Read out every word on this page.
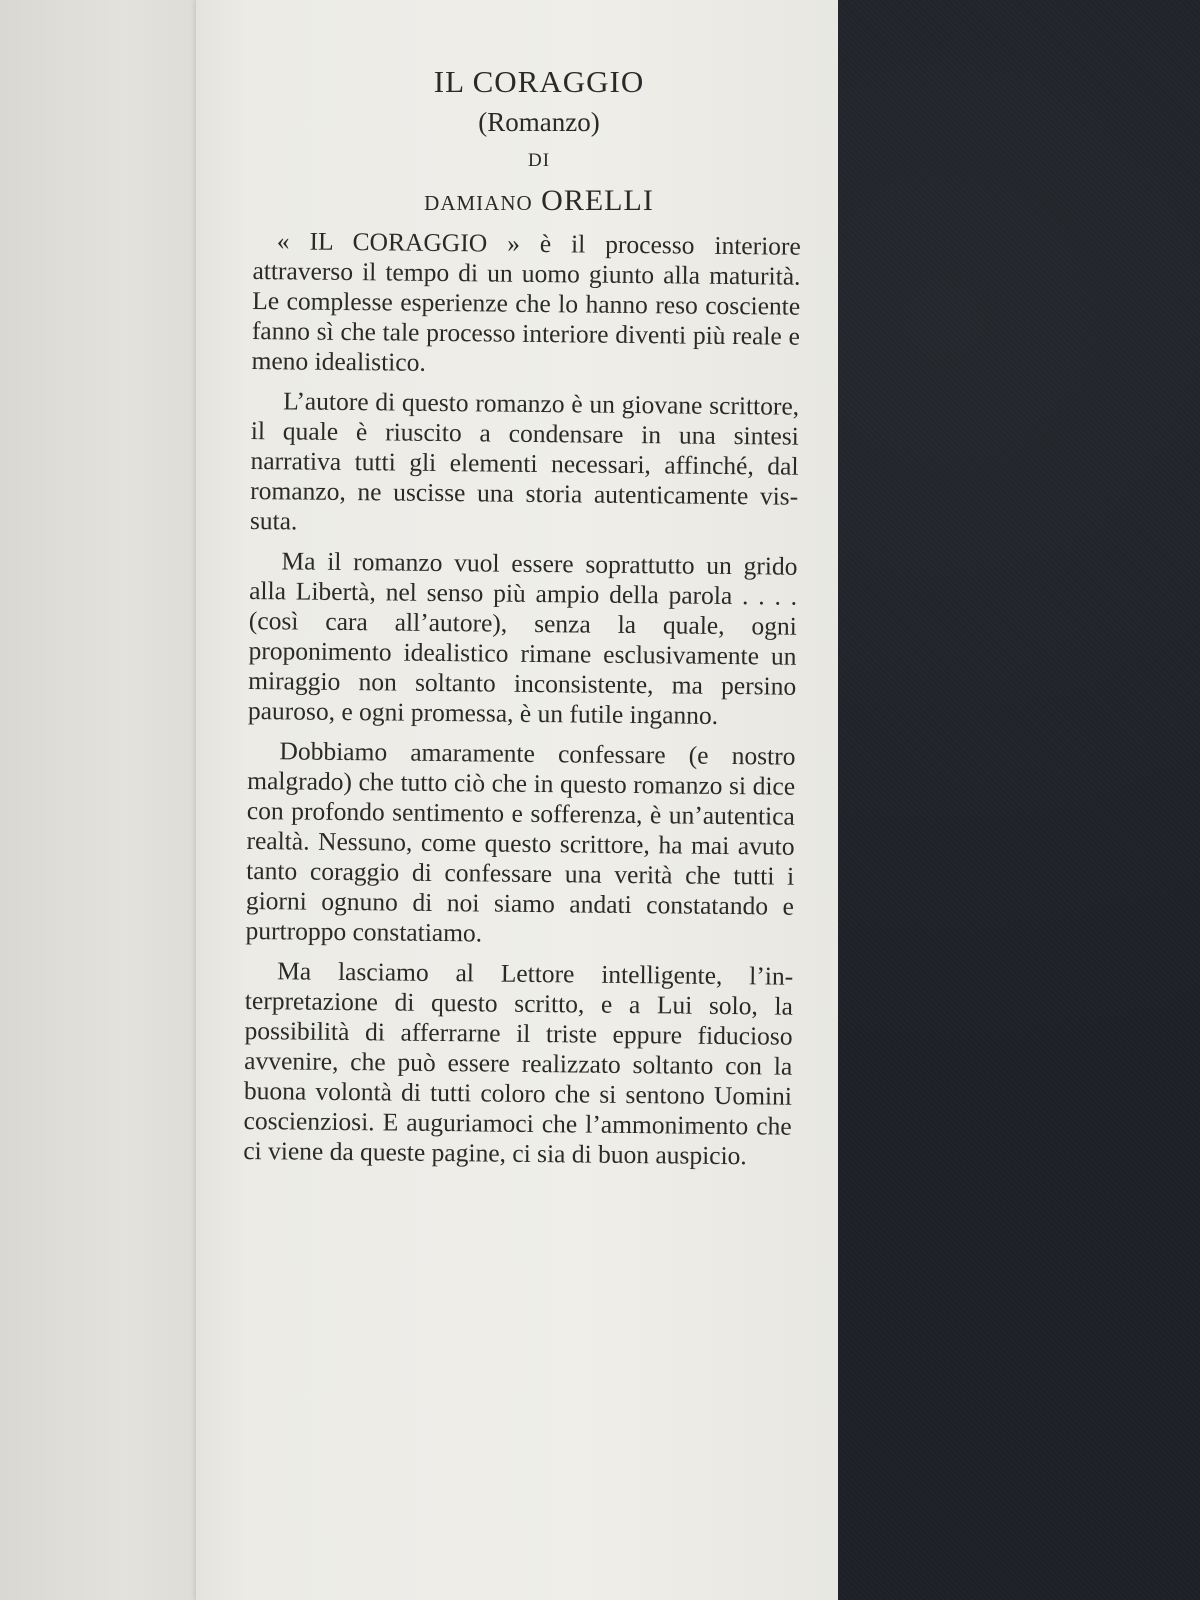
IL CORAGGIO
(Romanzo)
DI
DAMIANO ORELLI

« IL CORAGGIO » è il processo interiore attraverso il tempo di un uomo giunto alla maturità. Le complesse esperienze che lo hanno reso cosciente fanno sì che tale processo interiore diventi più reale e meno idealistico.

L’autore di questo romanzo è un giovane scrittore, il quale è riuscito a condensare in una sintesi narrativa tutti gli elementi necessari, affinché, dal romanzo, ne uscisse una storia autenticamente vissuta.

Ma il romanzo vuol essere soprattutto un grido alla Libertà, nel senso più ampio della parola . . . . (così cara all’autore), senza la quale, ogni proponimento idealistico rimane esclusivamente un miraggio non soltanto inconsistente, ma persino pauroso, e ogni promessa, è un futile inganno.

Dobbiamo amaramente confessare (e nostro malgrado) che tutto ciò che in questo romanzo si dice con profondo sentimento e sofferenza, è un’autentica realtà. Nessuno, come questo scrittore, ha mai avuto tanto coraggio di confessare una verità che tutti i giorni ognuno di noi siamo andati constatando e purtroppo constatiamo.

Ma lasciamo al Lettore intelligente, l’interpretazione di questo scritto, e a Lui solo, la possibilità di afferrarne il triste eppure fiducioso avvenire, che può essere realizzato soltanto con la buona volontà di tutti coloro che si sentono Uomini coscienziosi. E auguriamoci che l’ammonimento che ci viene da queste pagine, ci sia di buon auspicio.
